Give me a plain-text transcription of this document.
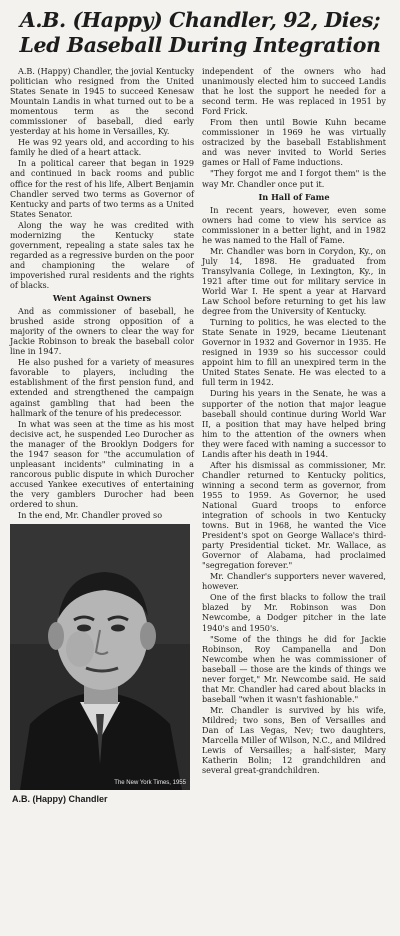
A.B. (Happy) Chandler, 92, Dies;
Led Baseball During Integration

A.B. (Happy) Chandler, the jovial Kentucky politician who resigned from the United States Senate in 1945 to succeed Kenesaw Mountain Landis in what turned out to be a momentous term as the second commissioner of baseball, died early yesterday at his home in Versailles, Ky.

He was 92 years old, and according to his family he died of a heart attack.

In a political career that began in 1929 and continued in back rooms and public office for the rest of his life, Albert Benjamin Chandler served two terms as Governor of Kentucky and parts of two terms as a United States Senator.

Along the way he was credited with modernizing the Kentucky state government, repealing a state sales tax he regarded as a regressive burden on the poor and championing the welare of impoverished rural residents and the rights of blacks.

Went Against Owners

And as commissioner of baseball, he brushed aside strong opposition of a majority of the owners to clear the way for Jackie Robinson to break the baseball color line in 1947.

He also pushed for a variety of measures favorable to players, including the establishment of the first pension fund, and extended and strengthened the campaign against gambling that had been the hallmark of the tenure of his predecessor.

In what was seen at the time as his most decisive act, he suspended Leo Durocher as the manager of the Brooklyn Dodgers for the 1947 season for "the accumulation of unpleasant incidents" culminating in a rancorous public dispute in which Durocher accused Yankee executives of entertaining the very gamblers Durocher had been ordered to shun.

In the end, Mr. Chandler proved so

The New York Times, 1955
A.B. (Happy) Chandler

independent of the owners who had unanimously elected him to succeed Landis that he lost the support he needed for a second term. He was replaced in 1951 by Ford Frick.

From then until Bowie Kuhn became commissioner in 1969 he was virtually ostracized by the baseball Establishment and was never invited to World Series games or Hall of Fame inductions.

"They forgot me and I forgot them" is the way Mr. Chandler once put it.

In Hall of Fame

In recent years, however, even some owners had come to view his service as commissioner in a better light, and in 1982 he was named to the Hall of Fame.

Mr. Chandler was born in Corydon, Ky., on July 14, 1898. He graduated from Transylvania College, in Lexington, Ky., in 1921 after time out for military service in World War I. He spent a year at Harvard Law School before returning to get his law degree from the University of Kentucky.

Turning to politics, he was elected to the State Senate in 1929, became Lieutenant Governor in 1932 and Governor in 1935. He resigned in 1939 so his successor could appoint him to fill an unexpired term in the United States Senate. He was elected to a full term in 1942.

During his years in the Senate, he was a supporter of the notion that major league baseball should continue during World War II, a position that may have helped bring him to the attention of the owners when they were faced with naming a successor to Landis after his death in 1944.

After his dismissal as commissioner, Mr. Chandler returned to Kentucky politics, winning a second term as governor, from 1955 to 1959. As Governor, he used National Guard troops to enforce integration of schools in two Kentucky towns. But in 1968, he wanted the Vice President's spot on George Wallace's third-party Presidential ticket. Mr. Wallace, as Governor of Alabama, had proclaimed "segregation forever."

Mr. Chandler's supporters never wavered, however.

One of the first blacks to follow the trail blazed by Mr. Robinson was Don Newcombe, a Dodger pitcher in the late 1940's and 1950's.

"Some of the things he did for Jackie Robinson, Roy Campanella and Don Newcombe when he was commissioner of baseball — those are the kinds of things we never forget," Mr. Newcombe said. He said that Mr. Chandler had cared about blacks in baseball "when it wasn't fashionable."

Mr. Chandler is survived by his wife, Mildred; two sons, Ben of Versailles and Dan of Las Vegas, Nev; two daughters, Marcella Miller of Wilson, N.C., and Mildred Lewis of Versailles; a half-sister, Mary Katherin Bolin; 12 grandchildren and several great-grandchildren.
